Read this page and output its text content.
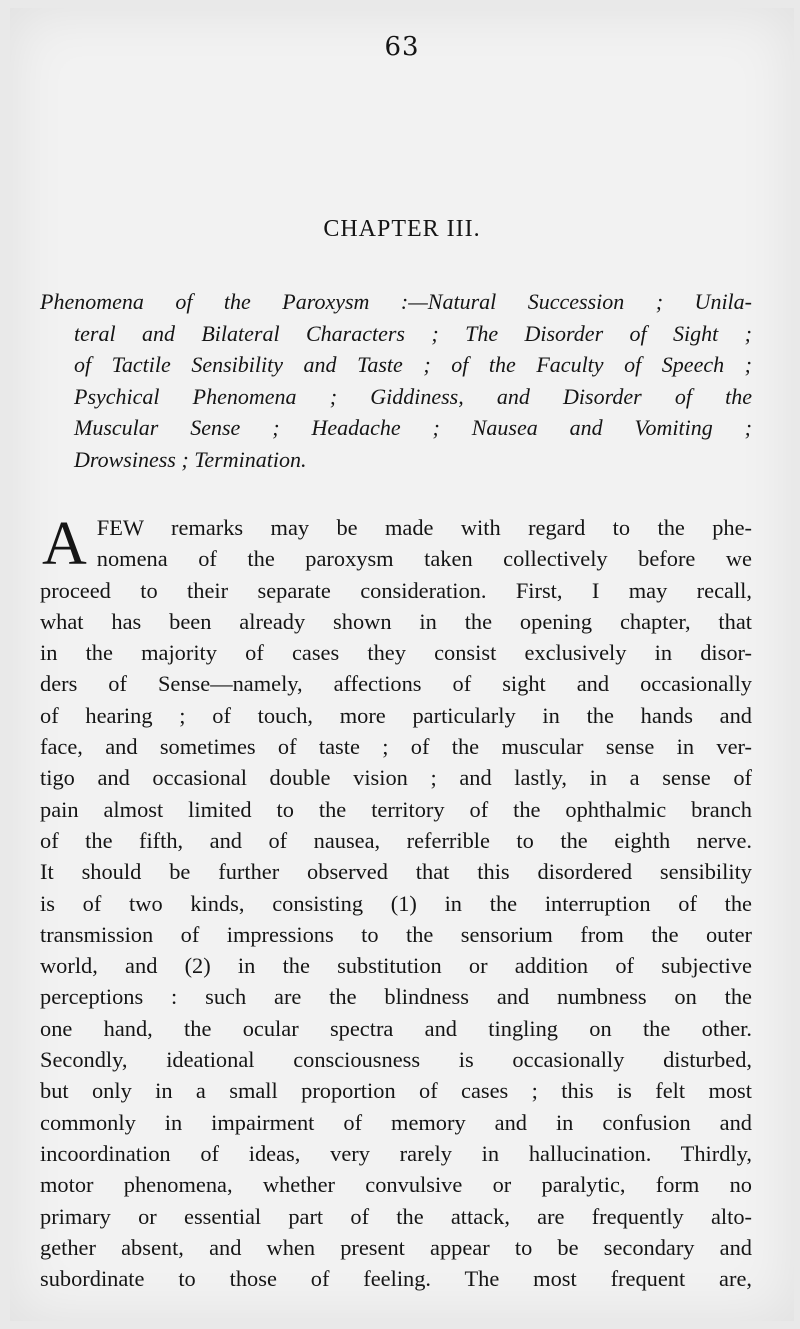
63
CHAPTER III.
Phenomena of the Paroxysm :—Natural Succession ; Unila-
teral and Bilateral Characters ; The Disorder of Sight ;
of Tactile Sensibility and Taste ; of the Faculty of Speech ;
Psychical Phenomena ; Giddiness, and Disorder of the
Muscular Sense ; Headache ; Nausea and Vomiting ;
Drowsiness ; Termination.
A FEW remarks may be made with regard to the phe-
nomena of the paroxysm taken collectively before we
proceed to their separate consideration. First, I may recall,
what has been already shown in the opening chapter, that
in the majority of cases they consist exclusively in disor-
ders of Sense—namely, affections of sight and occasionally
of hearing ; of touch, more particularly in the hands and
face, and sometimes of taste ; of the muscular sense in ver-
tigo and occasional double vision ; and lastly, in a sense of
pain almost limited to the territory of the ophthalmic branch
of the fifth, and of nausea, referrible to the eighth nerve.
It should be further observed that this disordered sensibility
is of two kinds, consisting (1) in the interruption of the
transmission of impressions to the sensorium from the outer
world, and (2) in the substitution or addition of subjective
perceptions : such are the blindness and numbness on the
one hand, the ocular spectra and tingling on the other.
Secondly, ideational consciousness is occasionally disturbed,
but only in a small proportion of cases ; this is felt most
commonly in impairment of memory and in confusion and
incoordination of ideas, very rarely in hallucination. Thirdly,
motor phenomena, whether convulsive or paralytic, form no
primary or essential part of the attack, are frequently alto-
gether absent, and when present appear to be secondary and
subordinate to those of feeling. The most frequent are,
